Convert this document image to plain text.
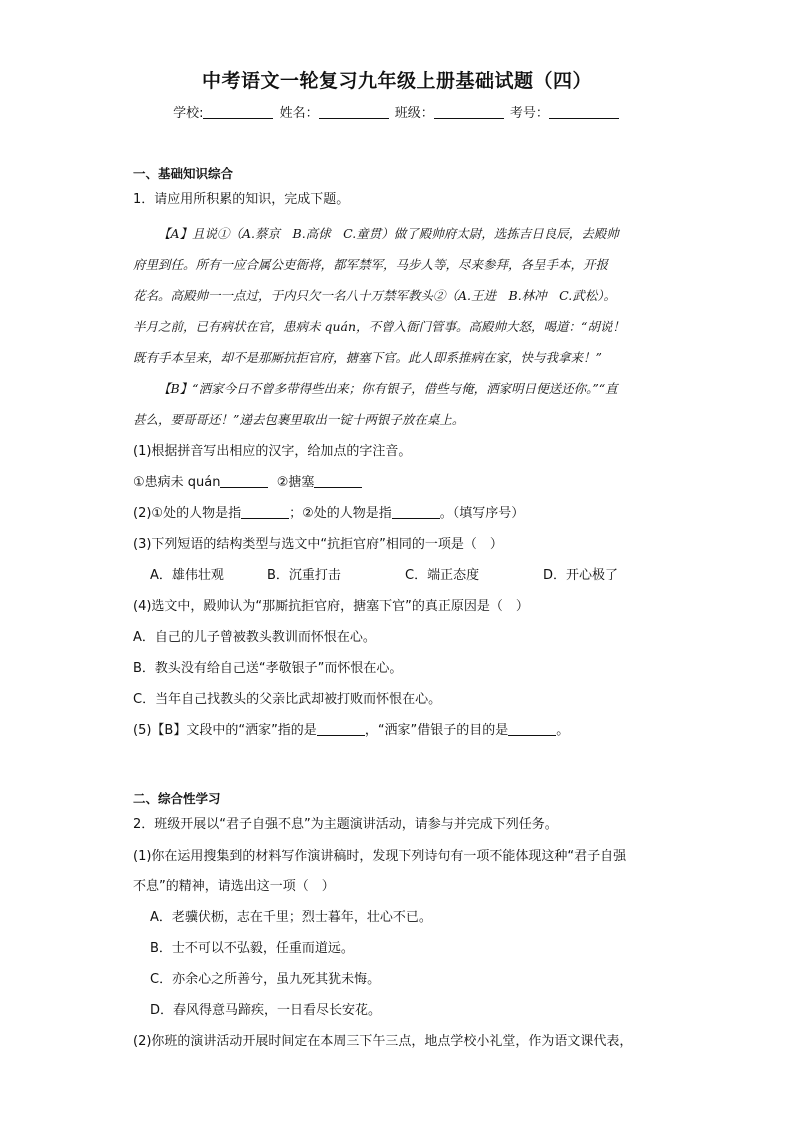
中考语文一轮复习九年级上册基础试题（四）
学校:	姓名：	班级：	考号：
一、基础知识综合
1．请应用所积累的知识，完成下题。

【A】且说①（A.蔡京　B.高俅　C.童贯）做了殿帅府太尉，选拣吉日良辰，去殿帅

府里到任。所有一应合属公吏衙将，都军禁军，马步人等，尽来参拜，各呈手本，开报

花名。高殿帅一一点过，于内只欠一名八十万禁军教头②（A.王进　B.林冲　C.武松）。

半月之前，已有病状在官，患病未 quán，不曾入衙门管事。高殿帅大怒，喝道：“胡说！

既有手本呈来，却不是那厮抗拒官府，搪塞下官。此人即系推病在家，快与我拿来！”

【B】“洒家今日不曾多带得些出来；你有银子，借些与俺，洒家明日便送还你。”“直

甚么，要哥哥还！”递去包裹里取出一锭十两银子放在桌上。

(1)根据拼音写出相应的汉字，给加点的字注音。
①患病未 quán	②搪塞
(2)①处的人物是指	；②处的人物是指	。（填写序号）
(3)下列短语的结构类型与选文中“抗拒官府”相同的一项是（　）
A．雄伟壮观	B．沉重打击	C．端正态度	D．开心极了
(4)选文中，殿帅认为“那厮抗拒官府，搪塞下官”的真正原因是（　）
A．自己的儿子曾被教头教训而怀恨在心。
B．教头没有给自己送“孝敬银子”而怀恨在心。
C．当年自己找教头的父亲比武却被打败而怀恨在心。
(5)【B】文段中的“洒家”指的是	，“洒家”借银子的目的是	。
二、综合性学习
2．班级开展以“君子自强不息”为主题演讲活动，请参与并完成下列任务。
(1)你在运用搜集到的材料写作演讲稿时，发现下列诗句有一项不能体现这种“君子自强
不息”的精神，请选出这一项（　）
A．老骥伏枥，志在千里；烈士暮年，壮心不已。
B．士不可以不弘毅，任重而道远。
C．亦余心之所善兮，虽九死其犹未悔。
D．春风得意马蹄疾，一日看尽长安花。
(2)你班的演讲活动开展时间定在本周三下午三点，地点学校小礼堂，作为语文课代表，
